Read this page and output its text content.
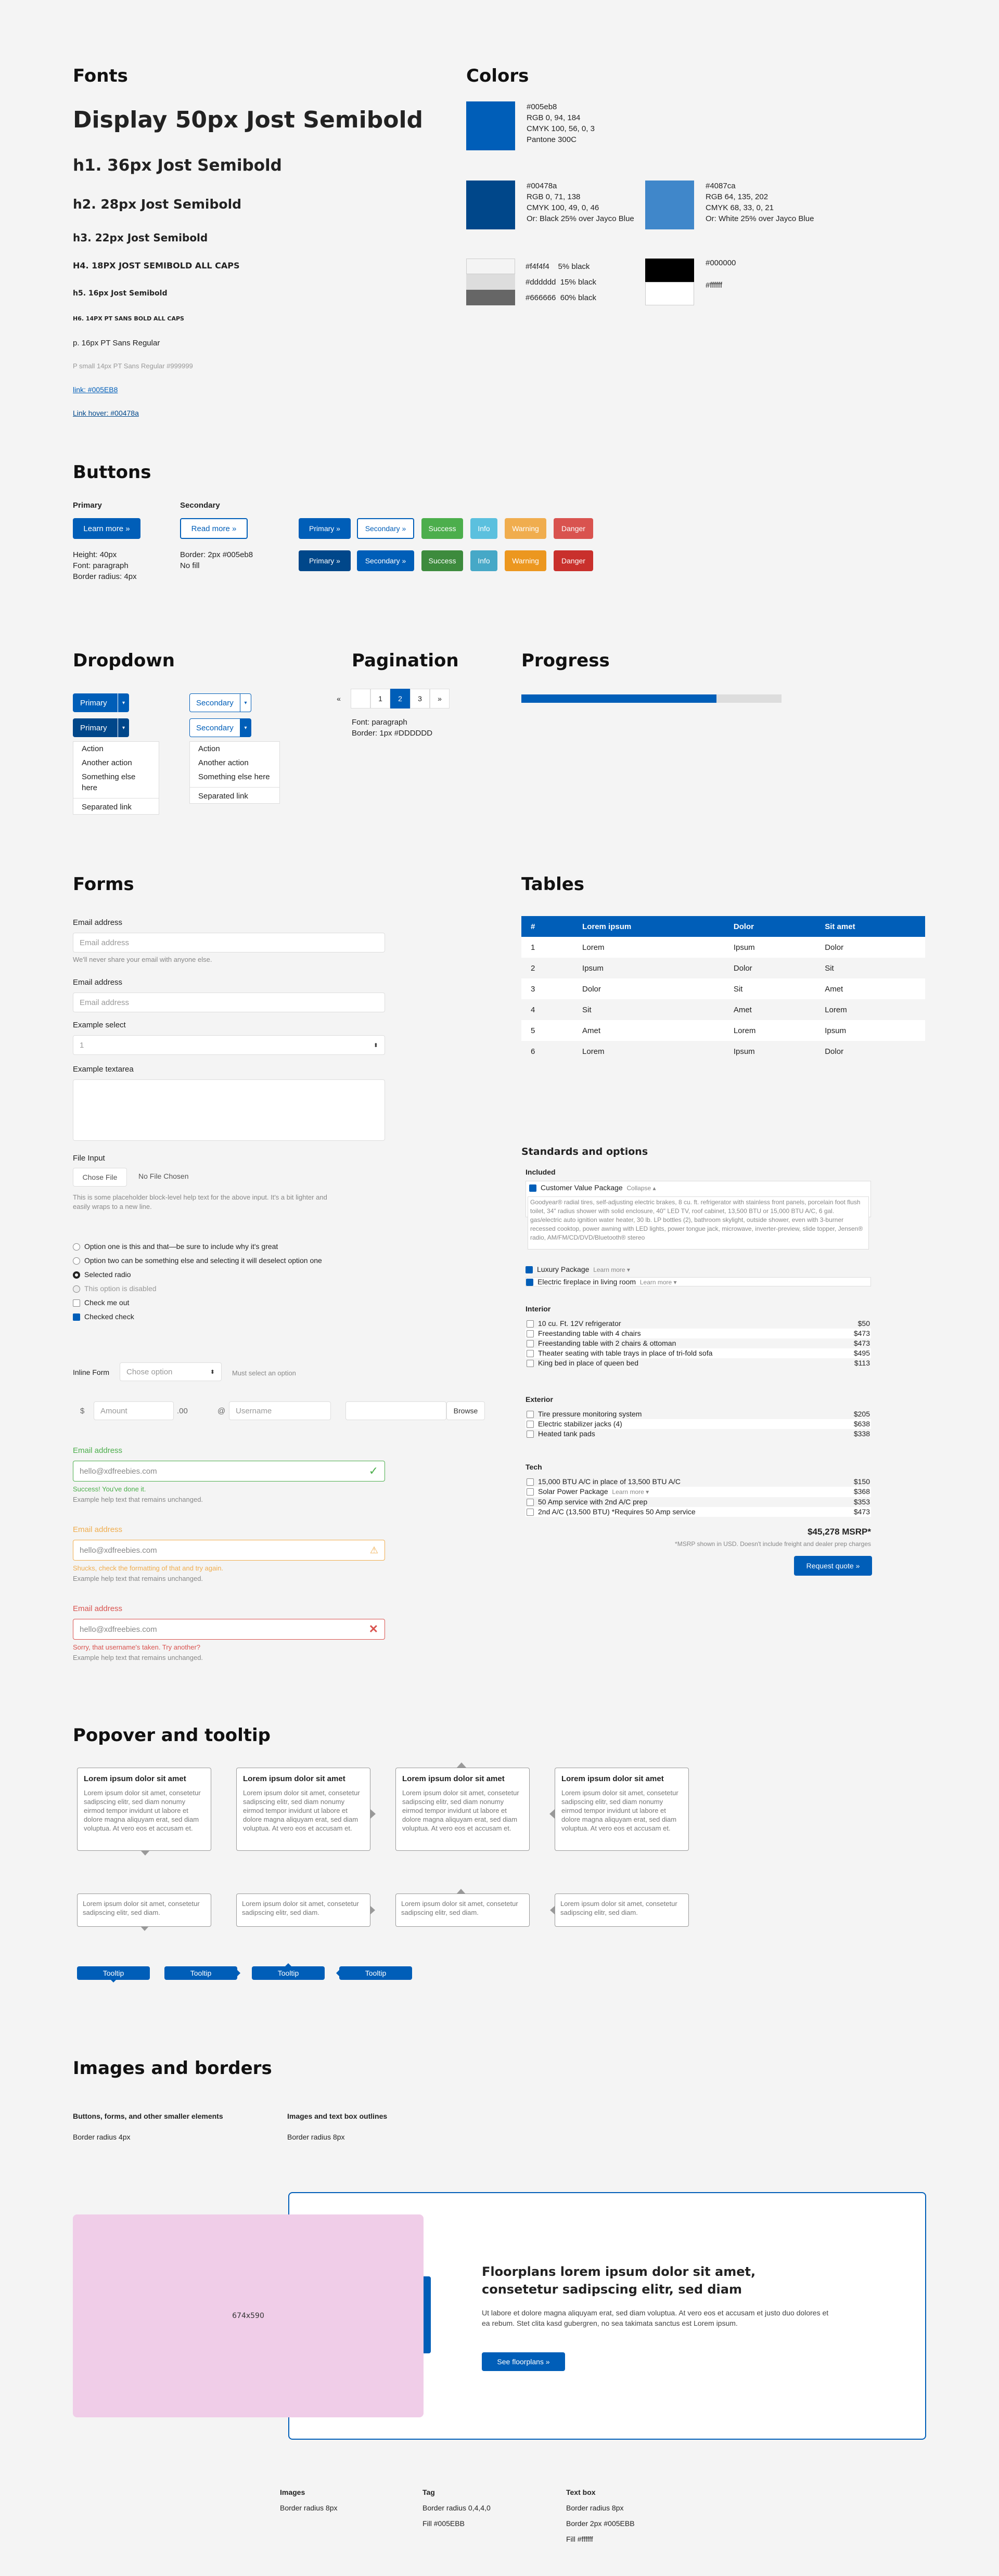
Fonts
Display 50px Jost Semibold
h1. 36px Jost Semibold
h2. 28px Jost Semibold
h3. 22px Jost Semibold
H4. 18PX JOST SEMIBOLD ALL CAPS
h5. 16px Jost Semibold
H6. 14PX PT SANS BOLD ALL CAPS
p. 16px PT Sans Regular
P small 14px PT Sans Regular #999999
link: #005EB8
Link hover: #00478a
Colors
#005eb8
RGB 0, 94, 184
CMYK 100, 56, 0, 3
Pantone 300C
#00478a
RGB 0, 71, 138
CMYK 100, 49, 0, 46
Or: Black 25% over Jayco Blue
#4087ca
RGB 64, 135, 202
CMYK 68, 33, 0, 21
Or: White 25% over Jayco Blue
#f4f4f4 5% black
#dddddd 15% black
#666666 60% black
#000000
#ffffff
Buttons
Primary	Secondary
Learn more »	Read more »
Height: 40px
Font: paragraph
Border radius: 4px
Border: 2px #005eb8
No fill
Primary »	Secondary »	Success	Info	Warning	Danger
Primary »	Secondary »	Success	Info	Warning	Danger
Dropdown
Primary	▾
Primary	▾
Action
Another action
Something else here
Separated link
Secondary	▾
Secondary	▾
Action
Another action
Something else here
Separated link
Pagination
«	1	2	3	»
Font: paragraph
Border: 1px #DDDDDD
Progress
Forms
Email address
Email address
We'll never share your email with anyone else.
Email address
Email address
Example select
1	⬍
Example textarea
File Input
Chose File	No File Chosen
This is some placeholder block-level help text for the above input. It's a bit lighter and easily wraps to a new line.
Option one is this and that—be sure to include why it's great
Option two can be something else and selecting it will deselect option one
Selected radio
This option is disabled
Check me out
Checked check
Inline Form Chose option	⬍	Must select an option
$	Amount	.00	@	Username	Browse
Email address
hello@xdfreebies.com	✓
Success! You've done it.
Example help text that remains unchanged.
Email address
hello@xdfreebies.com	⚠
Shucks, check the formatting of that and try again.
Example help text that remains unchanged.
Email address
hello@xdfreebies.com	✕
Sorry, that username's taken. Try another?
Example help text that remains unchanged.
Tables
#	Lorem ipsum	Dolor	Sit amet
1	Lorem	Ipsum	Dolor
2	Ipsum	Dolor	Sit
3	Dolor	Sit	Amet
4	Sit	Amet	Lorem
5	Amet	Lorem	Ipsum
6	Lorem	Ipsum	Dolor
Standards and options
Included
Customer Value Package Collapse ▴
Goodyear® radial tires, self-adjusting electric brakes, 8 cu. ft. refrigerator with stainless front panels, porcelain foot flush toilet, 34" radius shower with solid enclosure, 40" LED TV, roof cabinet, 13,500 BTU or 15,000 BTU A/C, 6 gal. gas/electric auto ignition water heater, 30 lb. LP bottles (2), bathroom skylight, outside shower, even with 3-burner recessed cooktop, power awning with LED lights, power tongue jack, microwave, inverter-preview, slide topper, Jensen® radio, AM/FM/CD/DVD/Bluetooth® stereo
Luxury Package Learn more ▾
Electric fireplace in living room Learn more ▾
Interior
10 cu. Ft. 12V refrigerator	$50
Freestanding table with 4 chairs	$473
Freestanding table with 2 chairs & ottoman	$473
Theater seating with table trays in place of tri-fold sofa	$495
King bed in place of queen bed	$113
Exterior
Tire pressure monitoring system	$205
Electric stabilizer jacks (4)	$638
Heated tank pads	$338
Tech
15,000 BTU A/C in place of 13,500 BTU A/C	$150
Solar Power Package Learn more ▾	$368
50 Amp service with 2nd A/C prep	$353
2nd A/C (13,500 BTU) *Requires 50 Amp service	$473
$45,278 MSRP*
*MSRP shown in USD. Doesn't include freight and dealer prep charges
Request quote »
Popover and tooltip
Lorem ipsum dolor sit amet

Lorem ipsum dolor sit amet, consetetur sadipscing elitr, sed diam nonumy eirmod tempor invidunt ut labore et dolore magna aliquyam erat, sed diam voluptua. At vero eos et accusam et.

Lorem ipsum dolor sit amet

Lorem ipsum dolor sit amet, consetetur sadipscing elitr, sed diam nonumy eirmod tempor invidunt ut labore et dolore magna aliquyam erat, sed diam voluptua. At vero eos et accusam et.

Lorem ipsum dolor sit amet

Lorem ipsum dolor sit amet, consetetur sadipscing elitr, sed diam nonumy eirmod tempor invidunt ut labore et dolore magna aliquyam erat, sed diam voluptua. At vero eos et accusam et.

Lorem ipsum dolor sit amet

Lorem ipsum dolor sit amet, consetetur sadipscing elitr, sed diam nonumy eirmod tempor invidunt ut labore et dolore magna aliquyam erat, sed diam voluptua. At vero eos et accusam et.

Lorem ipsum dolor sit amet, consetetur sadipscing elitr, sed diam.

Lorem ipsum dolor sit amet, consetetur sadipscing elitr, sed diam.

Lorem ipsum dolor sit amet, consetetur sadipscing elitr, sed diam.

Lorem ipsum dolor sit amet, consetetur sadipscing elitr, sed diam.

Tooltip	Tooltip	Tooltip	Tooltip
Images and borders
Buttons, forms, and other smaller elements
Border radius 4px
Images and text box outlines
Border radius 8px
674x590
Floorplans lorem ipsum dolor sit amet, consetetur sadipscing elitr, sed diam
Ut labore et dolore magna aliquyam erat, sed diam voluptua. At vero eos et accusam et justo duo dolores et ea rebum. Stet clita kasd gubergren, no sea takimata sanctus est Lorem ipsum.
See floorplans »
Images
Border radius 8px
Tag
Border radius 0,4,4,0
Fill #005EBB
Text box
Border radius 8px
Border 2px #005EBB
Fill #ffffff
